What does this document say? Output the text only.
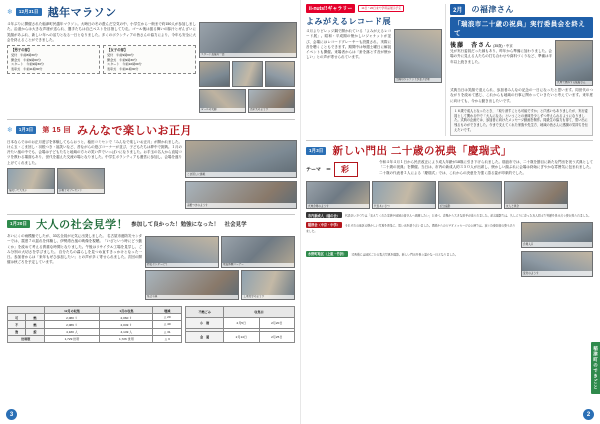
❄	12月31日 越年マラソン

４年ぶりに開催された稲津町民越年マラソン。大晦日の冬の澄んだ空気の中、小学生から一般まで約150人が参加しました。沿道からは大きな声援が送られ、選手たちは自己ベストを目指して力走。ゴール後は振る舞いの豚汁とぜんざいに笑顔があふれ、新しい年への活力となる一日となりました。多くのボランティアの皆さんの協力により、今年も安全に大会を終えることができました。

【男子の部】
受付　午前8時30分
開会式　午前9時00分
スタート　午前9時30分
表彰式　午前11時30分
【女子の部】
受付　午前9時00分
開会式　午前9時30分
スタート　午前10時00分
表彰式　午前11時30分
スタート直後の一団
ゴールの笑顔	表彰式のようす
❄	1月3日	第 15 回 みんなで楽しいお正月

日本ならではのお正月遊びを体験してもらおうと、稲田コミセンで「みんなで楽しいお正月」が開かれました。けん玉・こま回し・羽根つき・福笑いなど、昔ながらの遊びコーナーが並び、子どもたちは夢中で挑戦。１月の冷たい風の中でも、会場は子どもたちと地域の方々の笑い声でいっぱいになりました。お手玉の名人から直接コツを教わる場面もあり、世代を越えた交流の場となりました。中学生ボランティアも運営に参加し、会場を盛り上げてくれました。

福笑いで大笑い	お菓子のプレゼント
こま回しに挑戦

羽根つきのようす
1月20日 大人の社会見学！ 参加して良かった！勉強になった！　社会見学

あいにくの雨模様でしたが、33名全員が元気に出発しました。 名古屋市港防災センターでは、震度７の揺れを体験し、伊勢湾台風の映像を視聴。「いざという時にどう動くか」を改めて考える貴重な時間となりました。午後はリサイクル工場を見学し、ごみ分別の大切さを学びました。 自分たちの暮らしを見つめ直すきっかけとなった一日。参加者からは「来年もぜひ参加したい」との声が多く寄せられました。次回の開催は秋ごろを予定しています。

防災センターにて	地震体験コーナー
集合写真	工場見学のようす
		12月の収集	1月の収集	増減
可	燃	2,080 ｔ	2,060 ｔ	△ 20
不	燃	2,089 ｔ	2,049 ｔ	△ 40
資	源	4,180 人	4,149 人	△ 31
世帯数		1,729 世帯	1,726 世帯	△ 3
不燃ごみ	収集日	
小　箱	2月5日	2月20日

金　属	2月14日	2月25日
3
ii-nuts!!ギャラリー	14日〜20日まで学用品展示予定
よみがえるレコード展

４月よりビレッジ鋼で開かれている「よみがえるレコード展」。昭和・平成期の懐かしいジャケットが並び、会場にはレコードプレーヤーも設置され、実際に音を聴くこともできます。期間中は毎週土曜日に解説イベントも開催。来場者からは「針を落とす音が懐かしい」との声が寄せられています。

当時のジャケットが並ぶ会場
2月	の福津さん
「瑞浪市二十歳の祝典」実行委員会を終えて
後藤　杏さん (35歳)・中京

兄が実行委員だった縁もあり、昨年から準備に加わりました。会場の外に見える人たちの打ち合わせや資料づくりなど、準備は半年以上続きました。

式典で挨拶する後藤さん

式典当日は笑顔で迎えられ、参加者みんなの記念の一日になったと思います。同世代のつながりを改めて感じ、これからも地域の行事に関わっていきたいと考えています。来年度に向けても、今から動き出したいです。

１８歳で成人となったとき、「取り消すことも可能ですか」と戸惑いもありましたが、実行委員として関わる中で「大人になる」ということの意味を少しずつ考えられるようになりました。式典の企画では、参加者に向けたメッセージ動画を制作。同級生の協力も得て、思い出に残るものができました。今まで支えてくれた家族や先生方、地域の皆さんに感謝の気持ちを伝えたいです。
1月3日 新しい門出 二十歳の祝典「慶瑞式」
テーマ　＝	彩

令和４年４月１日から民法改正により成人年齢が18歳に引き下げられました。瑞浪市では、二十歳を節目に新たな門出を祝う式典として「二十歳の祝典」を開催。当日は、市内の新成人約３５０人が出席し、懐かしい顔ぶれに会場は終始にぎやかな雰囲気に包まれました。二十歳の代表者３人による「慶瑞式」では、これからの決意を力強く語る姿が印象的でした。

式典会場のようす	代表あいさつ	記念撮影	友人と再会
市内新成人（瑞の会） 代表あいさつでは「支えてくれた家族や地域の皆さんへ感謝したい」と述べ、会場から大きな拍手が送られました。記念撮影では、久しぶりに会った友人同士で笑顔を見せ合う姿が見られました。
稲津会（中京・中学） それぞれの地区の懐かしい写真を背景に、思い出を語り合いました。恩師からのビデオメッセージの上映では、涙ぐむ参加者の姿もありました。
会場入口
水野町地区（上組・竹折） 式典後には地区ごとの集合写真を撮影。新しい門出を祝う温かな一日となりました。
受付のようす
稲津町のできごと
2
